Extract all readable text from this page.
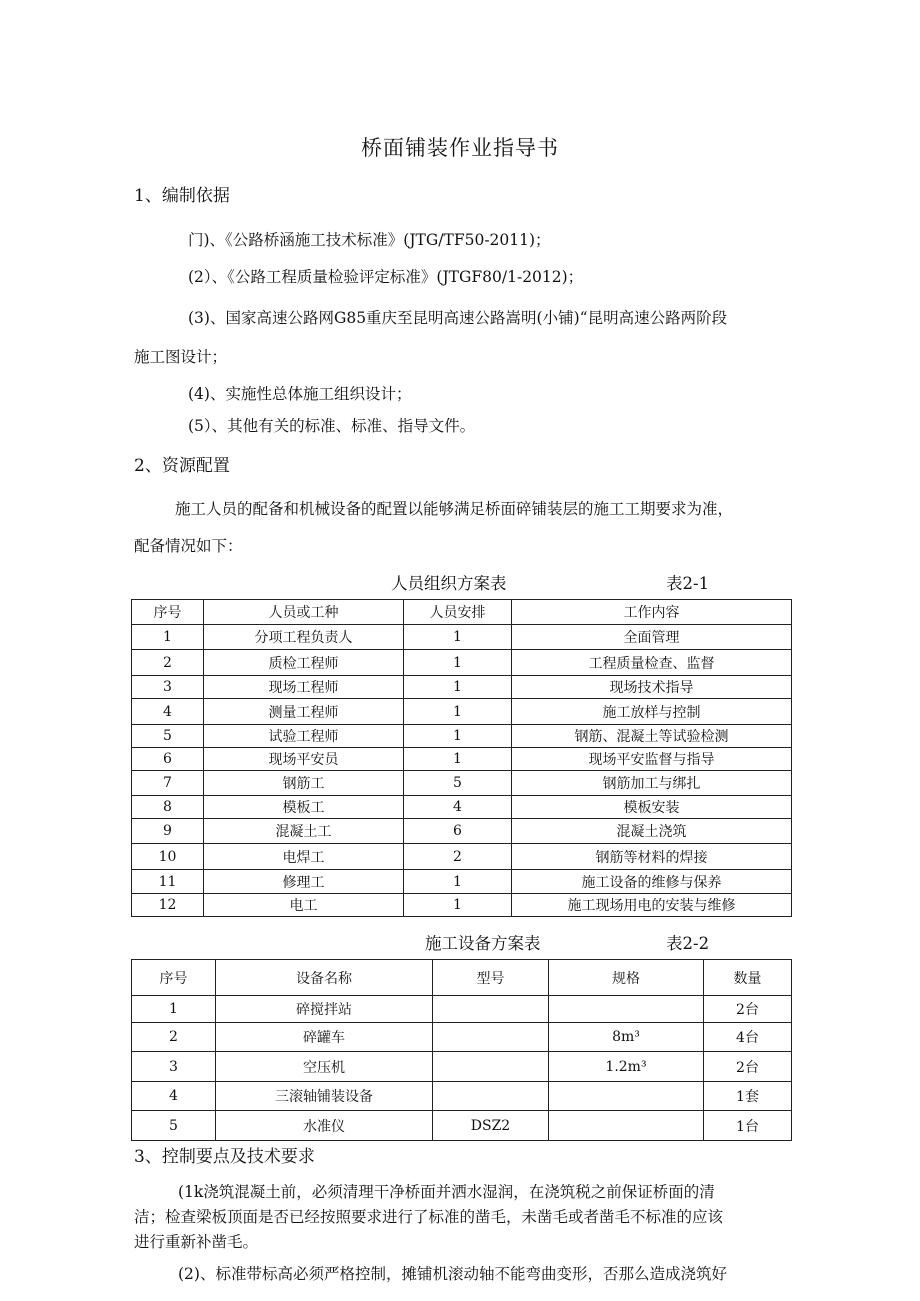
桥面铺装作业指导书
1、编制依据
门)、《公路桥涵施工技术标准》(JTG/TF50-2011)；
(2）、《公路工程质量检验评定标准》(JTGF80/1-2012)；
(3)、国家高速公路网G85重庆至昆明高速公路嵩明(小铺)“昆明高速公路两阶段
施工图设计；
(4)、实施性总体施工组织设计；
(5）、其他有关的标准、标准、指导文件。
2、资源配置
施工人员的配备和机械设备的配置以能够满足桥面碎铺装层的施工工期要求为准，
配备情况如下：
人员组织方案表	表2-1
序号	人员或工种	人员安排	工作内容
1	分项工程负责人	1	全面管理
2	质检工程师	1	工程质量检查、监督
3	现场工程师	1	现场技术指导
4	测量工程师	1	施工放样与控制
5	试验工程师	1	钢筋、混凝土等试验检测
6	现场平安员	1	现场平安监督与指导
7	钢筋工	5	钢筋加工与绑扎
8	模板工	4	模板安装
9	混凝土工	6	混凝土浇筑
10	电焊工	2	钢筋等材料的焊接
11	修理工	1	施工设备的维修与保养
12	电工	1	施工现场用电的安装与维修
施工设备方案表	表2-2
序号	设备名称	型号	规格	数量
1	碎搅拌站			2台
2	碎罐车		8m³	4台
3	空压机		1.2m³	2台
4	三滚轴铺装设备			1套
5	水准仪	DSZ2		1台
3、控制要点及技术要求
(1k浇筑混凝土前，必须清理干净桥面并洒水湿润，在浇筑税之前保证桥面的清
洁；检查梁板顶面是否已经按照要求进行了标准的凿毛，未凿毛或者凿毛不标准的应该
进行重新补凿毛。
(2)、标准带标高必须严格控制，摊铺机滚动轴不能弯曲变形，否那么造成浇筑好
